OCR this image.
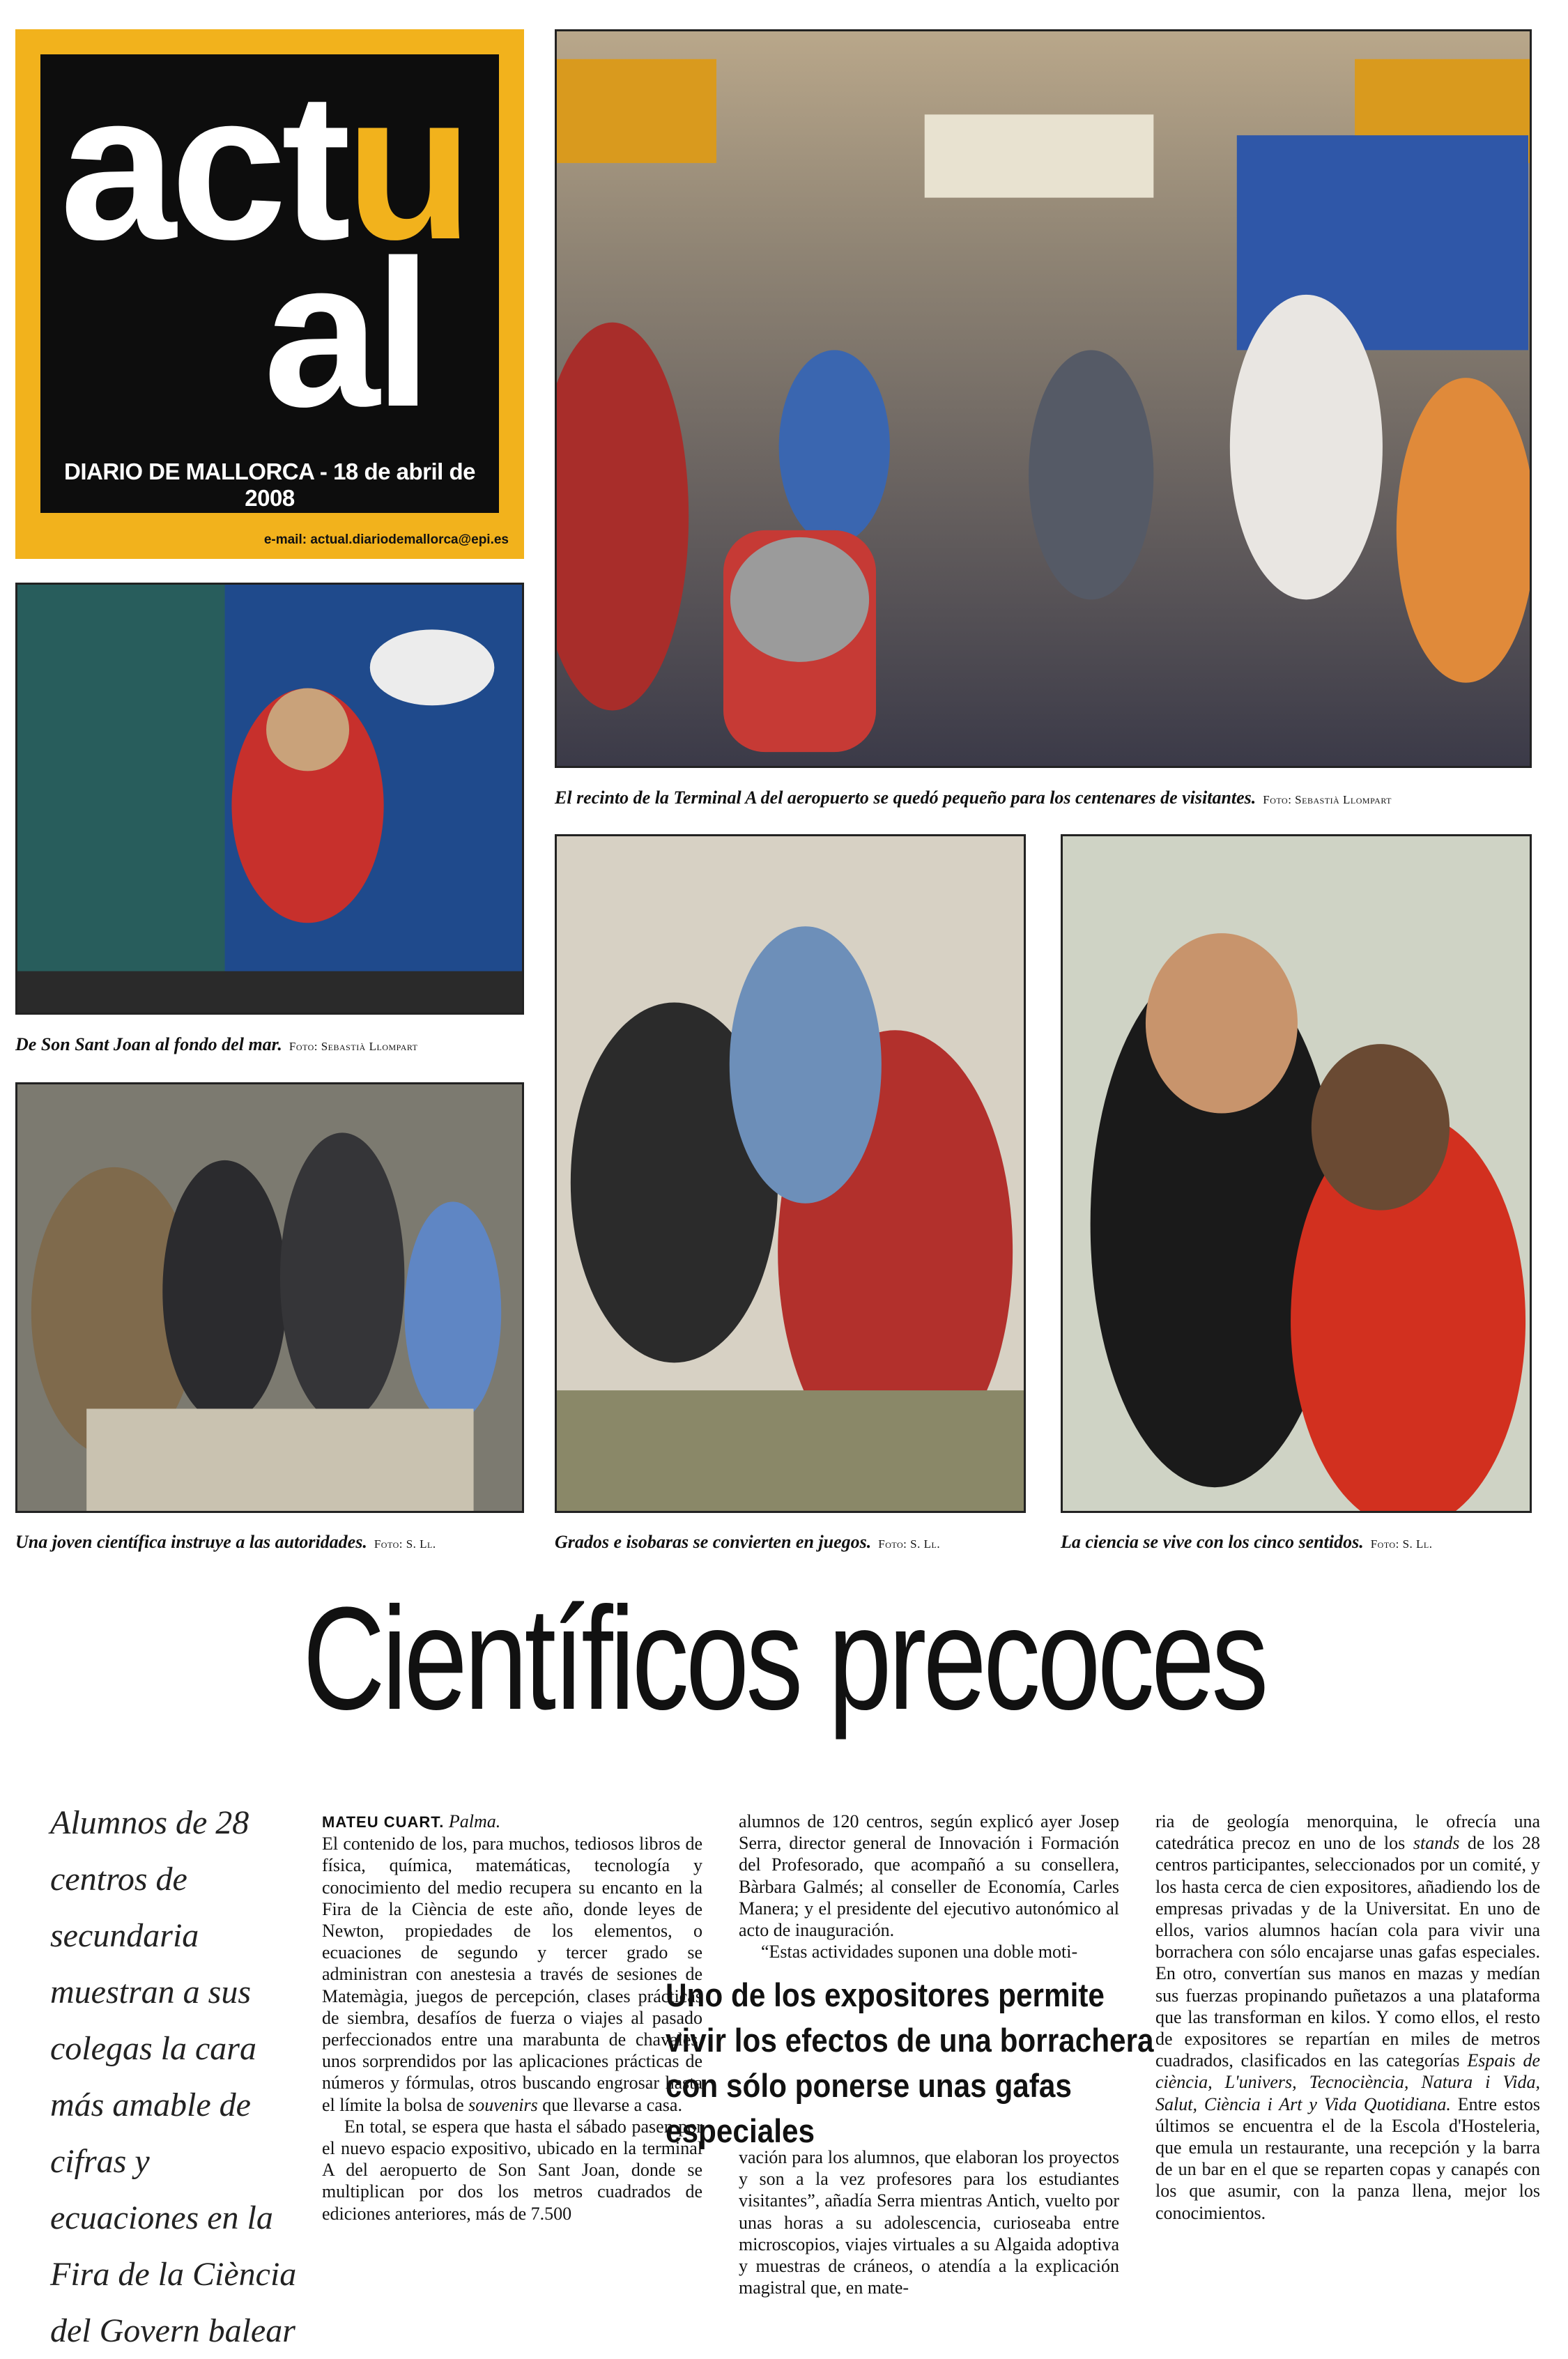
actu
al
DIARIO DE MALLORCA - 18 de abril de 2008
e-mail: actual.diariodemallorca@epi.es
El recinto de la Terminal A del aeropuerto se quedó pequeño para los centenares de visitantes. Foto: Sebastià Llompart
De Son Sant Joan al fondo del mar. Foto: Sebastià Llompart
Una joven científica instruye a las autoridades. Foto: S. Ll.	Grados e isobaras se convierten en juegos. Foto: S. Ll.	La ciencia se vive con los cinco sentidos. Foto: S. Ll.
Científicos precoces
Alumnos de 28 centros de secundaria muestran a sus colegas la cara más amable de cifras y ecuaciones en la Fira de la Ciència del Govern balear

MATEU CUART. Palma.

El contenido de los, para muchos, tediosos libros de física, química, matemáticas, tecnología y conocimiento del medio recupera su encanto en la Fira de la Ciència de este año, donde leyes de Newton, propiedades de los elementos, o ecuaciones de segundo y tercer grado se administran con anestesia a través de sesiones de Matemàgia, juegos de percepción, clases prácticas de siembra, desafíos de fuerza o viajes al pasado perfeccionados entre una marabunta de chavales, unos sorprendidos por las aplicaciones prácticas de números y fórmulas, otros buscando engrosar hasta el límite la bolsa de souvenirs que llevarse a casa.

En total, se espera que hasta el sábado pasen por el nuevo espacio expositivo, ubicado en la terminal A del aeropuerto de Son Sant Joan, donde se multiplican por dos los metros cuadrados de ediciones anteriores, más de 7.500

alumnos de 120 centros, según explicó ayer Josep Serra, director general de Innovación i Formación del Profesorado, que acompañó a su consellera, Bàrbara Galmés; al conseller de Economía, Carles Manera; y el presidente del ejecutivo autonómico al acto de inauguración.

“Estas actividades suponen una doble moti-

Uno de los expositores permite vivir los efectos de una borrachera con sólo ponerse unas gafas especiales

vación para los alumnos, que elaboran los proyectos y son a la vez profesores para los estudiantes visitantes”, añadía Serra mientras Antich, vuelto por unas horas a su adolescencia, curioseaba entre microscopios, viajes virtuales a su Algaida adoptiva y muestras de cráneos, o atendía a la explicación magistral que, en mate-

ria de geología menorquina, le ofrecía una catedrática precoz en uno de los stands de los 28 centros participantes, seleccionados por un comité, y los hasta cerca de cien expositores, añadiendo los de empresas privadas y de la Universitat. En uno de ellos, varios alumnos hacían cola para vivir una borrachera con sólo encajarse unas gafas especiales. En otro, convertían sus manos en mazas y medían sus fuerzas propinando puñetazos a una plataforma que las transforman en kilos. Y como ellos, el resto de expositores se repartían en miles de metros cuadrados, clasificados en las categorías Espais de ciència, L'univers, Tecnociència, Natura i Vida, Salut, Ciència i Art y Vida Quotidiana. Entre estos últimos se encuentra el de la Escola d'Hosteleria, que emula un restaurante, una recepción y la barra de un bar en el que se reparten copas y canapés con los que asumir, con la panza llena, mejor los conocimientos.
